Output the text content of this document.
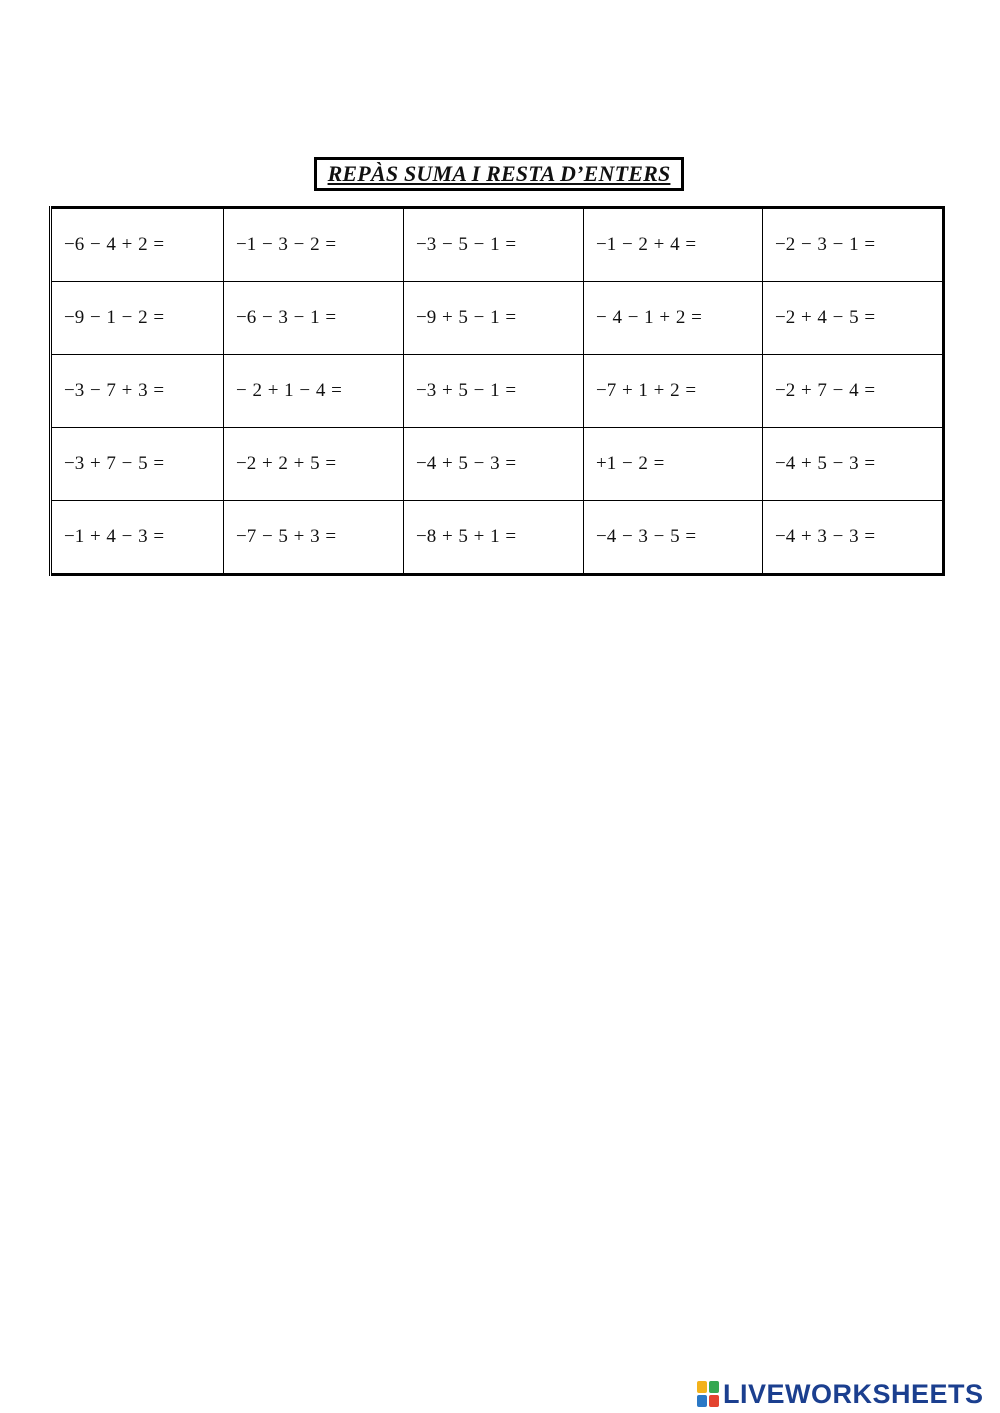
REPÀS SUMA I RESTA D’ENTERS
−6 − 4 + 2 =	−1 − 3 − 2 =	−3 − 5 − 1 =	−1 − 2 + 4 =	−2 − 3 − 1 =
−9 − 1 − 2 =	−6 − 3 − 1 =	−9 + 5 − 1 =	− 4 − 1 + 2 =	−2 + 4 − 5 =
−3 − 7 + 3 =	− 2 + 1 − 4 =	−3 + 5 − 1 =	−7 + 1 + 2 =	−2 + 7 − 4 =
−3 + 7 − 5 =	−2 + 2 + 5 =	−4 + 5 − 3 =	+1 − 2 =	−4 + 5 − 3 =
−1 + 4 − 3 =	−7 − 5 + 3 =	−8 + 5 + 1 =	−4 − 3 − 5 =	−4 + 3 − 3 =
LIVEWORKSHEETS
